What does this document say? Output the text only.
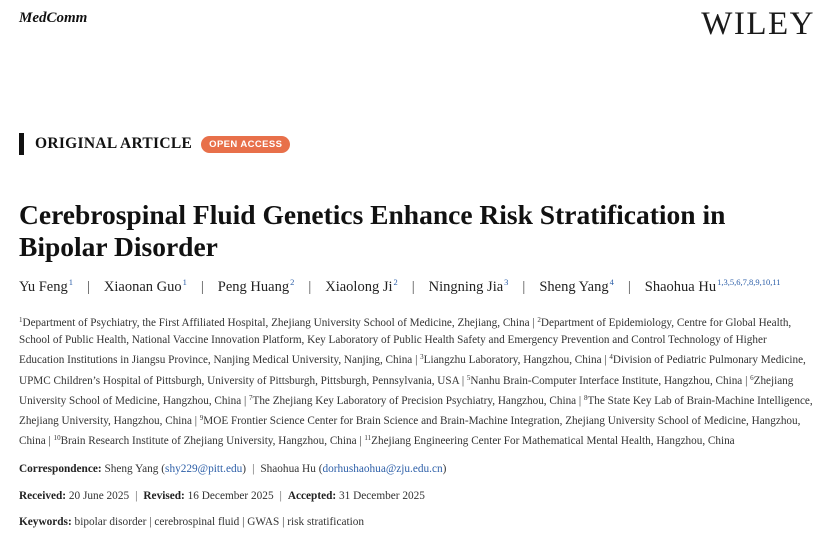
MedComm	WILEY
ORIGINAL ARTICLE	OPEN ACCESS
Cerebrospinal Fluid Genetics Enhance Risk Stratification in Bipolar Disorder
Yu Feng$^1$ | Xiaonan Guo$^1$ | Peng Huang$^2$ | Xiaolong Ji$^2$ | Ningning Jia$^3$ | Sheng Yang$^4$ | Shaohua Hu$^{1,3,5,6,7,8,9,10,11}$
$^1$Department of Psychiatry, the First Affiliated Hospital, Zhejiang University School of Medicine, Zhejiang, China | $^2$Department of Epidemiology, Centre for Global Health, School of Public Health, National Vaccine Innovation Platform, Key Laboratory of Public Health Safety and Emergency Prevention and Control Technology of Higher Education Institutions in Jiangsu Province, Nanjing Medical University, Nanjing, China | $^3$Liangzhu Laboratory, Hangzhou, China | $^4$Division of Pediatric Pulmonary Medicine, UPMC Children’s Hospital of Pittsburgh, University of Pittsburgh, Pittsburgh, Pennsylvania, USA | $^5$Nanhu Brain-Computer Interface Institute, Hangzhou, China | $^6$Zhejiang University School of Medicine, Hangzhou, China | $^7$The Zhejiang Key Laboratory of Precision Psychiatry, Hangzhou, China | $^8$The State Key Lab of Brain-Machine Intelligence, Zhejiang University, Hangzhou, China | $^9$MOE Frontier Science Center for Brain Science and Brain-Machine Integration, Zhejiang University School of Medicine, Hangzhou, China | $^{10}$Brain Research Institute of Zhejiang University, Hangzhou, China | $^{11}$Zhejiang Engineering Center For Mathematical Mental Health, Hangzhou, China
Correspondence: Sheng Yang (shy229@pitt.edu) | Shaohua Hu (dorhushaohua@zju.edu.cn)
Received: 20 June 2025 | Revised: 16 December 2025 | Accepted: 31 December 2025
Keywords: bipolar disorder | cerebrospinal fluid | GWAS | risk stratification
